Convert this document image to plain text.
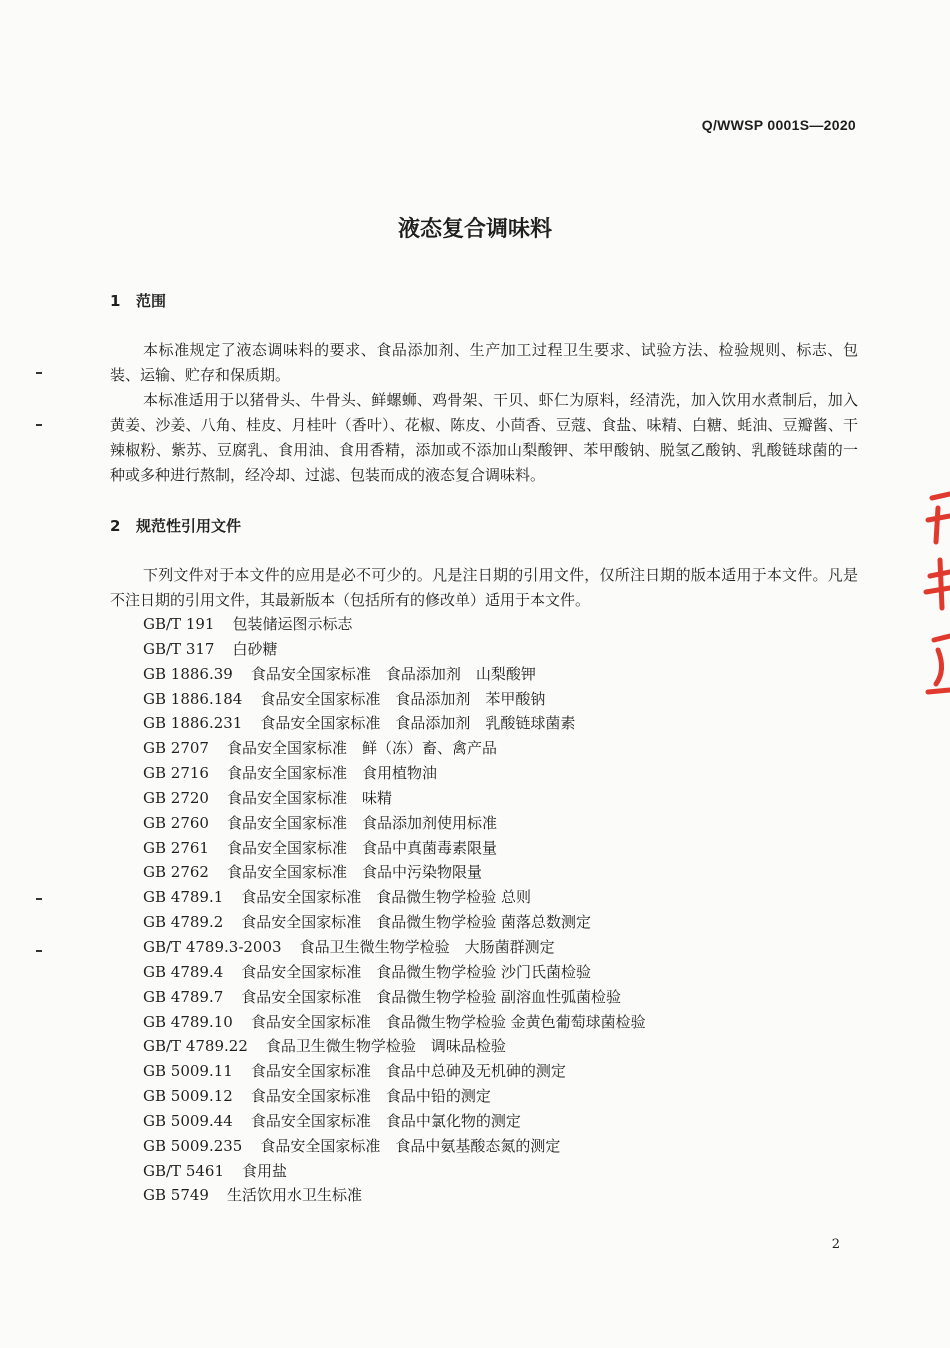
Q/WWSP 0001S—2020
液态复合调味料
1 范围

本标准规定了液态调味料的要求、食品添加剂、生产加工过程卫生要求、试验方法、检验规则、标志、包装、运输、贮存和保质期。

本标准适用于以猪骨头、牛骨头、鲜螺蛳、鸡骨架、干贝、虾仁为原料，经清洗，加入饮用水煮制后，加入黄姜、沙姜、八角、桂皮、月桂叶（香叶）、花椒、陈皮、小茴香、豆蔻、食盐、味精、白糖、蚝油、豆瓣酱、干辣椒粉、紫苏、豆腐乳、食用油、食用香精，添加或不添加山梨酸钾、苯甲酸钠、脱氢乙酸钠、乳酸链球菌的一种或多种进行熬制，经冷却、过滤、包装而成的液态复合调味料。

2 规范性引用文件

下列文件对于本文件的应用是必不可少的。凡是注日期的引用文件，仅所注日期的版本适用于本文件。凡是不注日期的引用文件，其最新版本（包括所有的修改单）适用于本文件。

GB/T 191 包装储运图示标志
GB/T 317 白砂糖
GB 1886.39 食品安全国家标准　食品添加剂　山梨酸钾
GB 1886.184 食品安全国家标准　食品添加剂　苯甲酸钠
GB 1886.231 食品安全国家标准　食品添加剂　乳酸链球菌素
GB 2707 食品安全国家标准　鲜（冻）畜、禽产品
GB 2716 食品安全国家标准　食用植物油
GB 2720 食品安全国家标准　味精
GB 2760 食品安全国家标准　食品添加剂使用标准
GB 2761 食品安全国家标准　食品中真菌毒素限量
GB 2762 食品安全国家标准　食品中污染物限量
GB 4789.1 食品安全国家标准　食品微生物学检验 总则
GB 4789.2 食品安全国家标准　食品微生物学检验 菌落总数测定
GB/T 4789.3-2003 食品卫生微生物学检验　大肠菌群测定
GB 4789.4 食品安全国家标准　食品微生物学检验 沙门氏菌检验
GB 4789.7 食品安全国家标准　食品微生物学检验 副溶血性弧菌检验
GB 4789.10 食品安全国家标准　食品微生物学检验 金黄色葡萄球菌检验
GB/T 4789.22 食品卫生微生物学检验　调味品检验
GB 5009.11 食品安全国家标准　食品中总砷及无机砷的测定
GB 5009.12 食品安全国家标准　食品中铅的测定
GB 5009.44 食品安全国家标准　食品中氯化物的测定
GB 5009.235 食品安全国家标准　食品中氨基酸态氮的测定
GB/T 5461 食用盐
GB 5749 生活饮用水卫生标准
2
